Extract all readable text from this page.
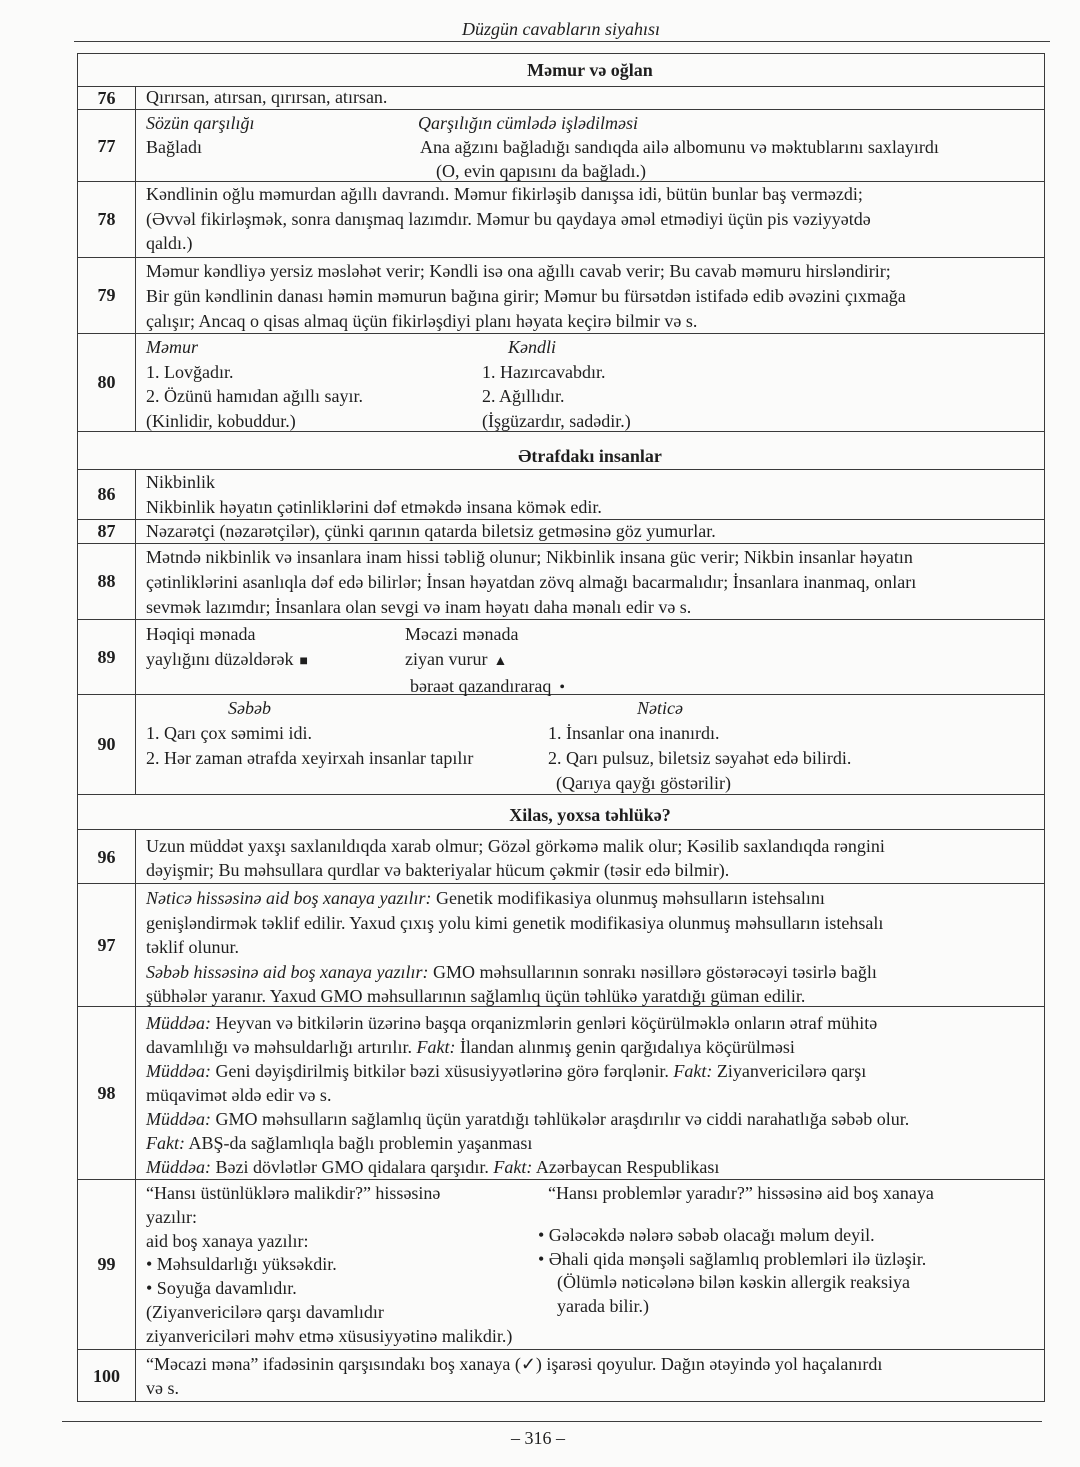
Düzgün cavabların siyahısı
Məmur və oğlan
76	Qırırsan, atırsan, qırırsan, atırsan.
77
Sözün qarşılığı
Bağladı
Qarşılığın cümlədə işlədilməsi
Ana ağzını bağladığı sandıqda ailə albomunu və məktublarını saxlayırdı
(O, evin qapısını da bağladı.)
78
Kəndlinin oğlu məmurdan ağıllı davrandı. Məmur fikirləşib danışsa idi, bütün bunlar baş verməzdi;
(Əvvəl fikirləşmək, sonra danışmaq lazımdır. Məmur bu qaydaya əməl etmədiyi üçün pis vəziyyətdə
qaldı.)
79
Məmur kəndliyə yersiz məsləhət verir; Kəndli isə ona ağıllı cavab verir; Bu cavab məmuru hirsləndirir;
Bir gün kəndlinin danası həmin məmurun bağına girir; Məmur bu fürsətdən istifadə edib əvəzini çıxmağa
çalışır; Ancaq o qisas almaq üçün fikirləşdiyi planı həyata keçirə bilmir və s.
80
Məmur
1. Lovğadır.
2. Özünü hamıdan ağıllı sayır.
(Kinlidir, kobuddur.)
Kəndli
1. Hazırcavabdır.
2. Ağıllıdır.
(İşgüzardır, sadədir.)
Ətrafdakı insanlar
86
Nikbinlik
Nikbinlik həyatın çətinliklərini dəf etməkdə insana kömək edir.
87	Nəzarətçi (nəzarətçilər), çünki qarının qatarda biletsiz getməsinə göz yumurlar.
88
Mətndə nikbinlik və insanlara inam hissi təbliğ olunur; Nikbinlik insana güc verir; Nikbin insanlar həyatın
çətinliklərini asanlıqla dəf edə bilirlər; İnsan həyatdan zövq almağı bacarmalıdır; İnsanlara inanmaq, onları
sevmək lazımdır; İnsanlara olan sevgi və inam həyatı daha mənalı edir və s.
89
Həqiqi mənada
yaylığını düzəldərək ■
Məcazi mənada
ziyan vurur ▲
bəraət qazandıraraq •
90
Səbəb
1. Qarı çox səmimi idi.
2. Hər zaman ətrafda xeyirxah insanlar tapılır
Nəticə
1. İnsanlar ona inanırdı.
2. Qarı pulsuz, biletsiz səyahət edə bilirdi.
(Qarıya qayğı göstərilir)
Xilas, yoxsa təhlükə?
96
Uzun müddət yaxşı saxlanıldıqda xarab olmur; Gözəl görkəmə malik olur; Kəsilib saxlandıqda rəngini
dəyişmir; Bu məhsullara qurdlar və bakteriyalar hücum çəkmir (təsir edə bilmir).
97
Nəticə hissəsinə aid boş xanaya yazılır: Genetik modifikasiya olunmuş məhsulların istehsalını
genişləndirmək təklif edilir. Yaxud çıxış yolu kimi genetik modifikasiya olunmuş məhsulların istehsalı
təklif olunur.
Səbəb hissəsinə aid boş xanaya yazılır: GMO məhsullarının sonrakı nəsillərə göstərəcəyi təsirlə bağlı
şübhələr yaranır. Yaxud GMO məhsullarının sağlamlıq üçün təhlükə yaratdığı güman edilir.
98
Müddəa: Heyvan və bitkilərin üzərinə başqa orqanizmlərin genləri köçürülməklə onların ətraf mühitə
davamlılığı və məhsuldarlığı artırılır. Fakt: İlandan alınmış genin qarğıdalıya köçürülməsi
Müddəa: Geni dəyişdirilmiş bitkilər bəzi xüsusiyyətlərinə görə fərqlənir. Fakt: Ziyanvericilərə qarşı
müqavimət əldə edir və s.
Müddəa: GMO məhsulların sağlamlıq üçün yaratdığı təhlükələr araşdırılır və ciddi narahatlığa səbəb olur.
Fakt: ABŞ-da sağlamlıqla bağlı problemin yaşanması
Müddəa: Bəzi dövlətlər GMO qidalara qarşıdır. Fakt: Azərbaycan Respublikası
99
“Hansı üstünlüklərə malikdir?” hissəsinə
yazılır:
aid boş xanaya yazılır:
• Məhsuldarlığı yüksəkdir.
• Soyuğa davamlıdır.
(Ziyanvericilərə qarşı davamlıdır
ziyanvericiləri məhv etmə xüsusiyyətinə malikdir.)
“Hansı problemlər yaradır?” hissəsinə aid boş xanaya
• Gələcəkdə nələrə səbəb olacağı məlum deyil.
• Əhali qida mənşəli sağlamlıq problemləri ilə üzləşir.
(Ölümlə nəticələnə bilən kəskin allergik reaksiya
yarada bilir.)
100
“Məcazi məna” ifadəsinin qarşısındakı boş xanaya (✓) işarəsi qoyulur. Dağın ətəyində yol haçalanırdı
və s.
– 316 –
